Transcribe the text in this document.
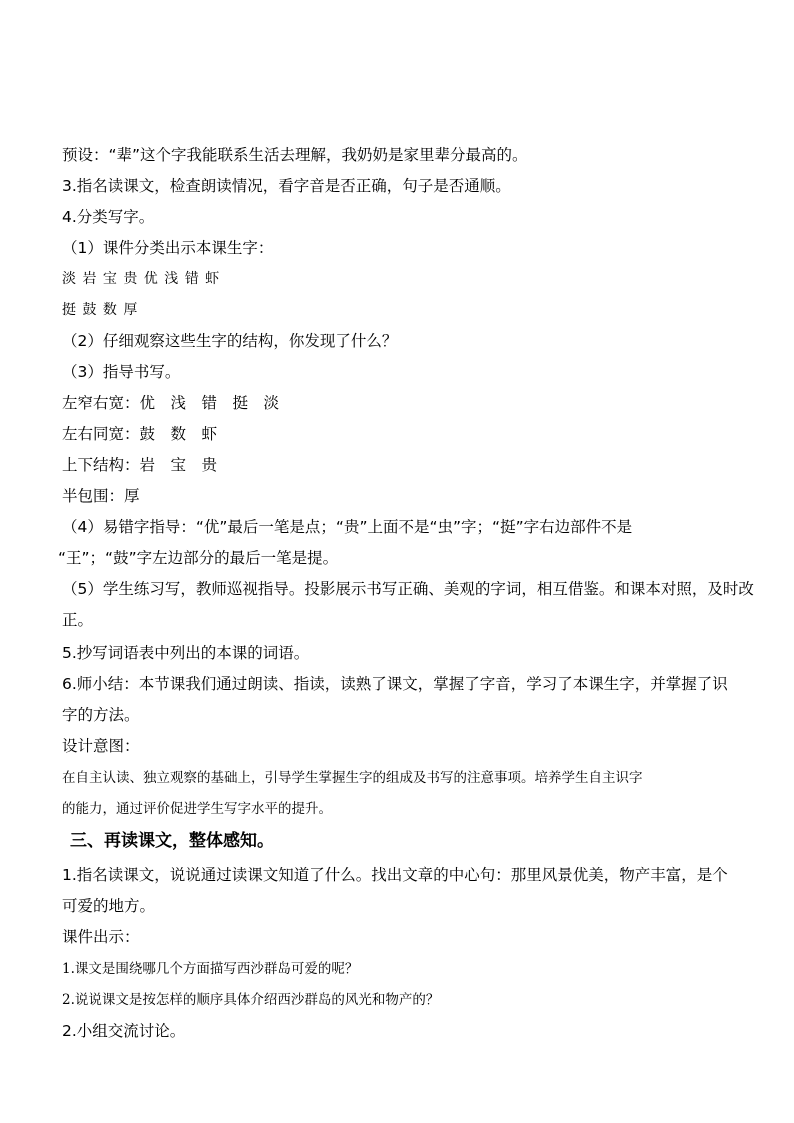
预设：“辈”这个字我能联系生活去理解，我奶奶是家里辈分最高的。

3.指名读课文，检查朗读情况，看字音是否正确，句子是否通顺。

4.分类写字。

（1）课件分类出示本课生字：

淡 岩 宝 贵 优 浅 错 虾

挺 鼓 数 厚

（2）仔细观察这些生字的结构，你发现了什么？

（3）指导书写。

左窄右宽：优　浅　错　挺　淡

左右同宽：鼓　数　虾

上下结构：岩　宝　贵

半包围：厚

（4）易错字指导：“优”最后一笔是点；“贵”上面不是“虫”字；“挺”字右边部件不是

“王”；“鼓”字左边部分的最后一笔是提。

（5）学生练习写，教师巡视指导。投影展示书写正确、美观的字词，相互借鉴。和课本对照，及时改

正。

5.抄写词语表中列出的本课的词语。

6.师小结：本节课我们通过朗读、指读，读熟了课文，掌握了字音，学习了本课生字，并掌握了识

字的方法。

设计意图：

在自主认读、独立观察的基础上，引导学生掌握生字的组成及书写的注意事项。培养学生自主识字

的能力，通过评价促进学生写字水平的提升。

三、再读课文，整体感知。

1.指名读课文，说说通过读课文知道了什么。找出文章的中心句：那里风景优美，物产丰富，是个

可爱的地方。

课件出示：

1.课文是围绕哪几个方面描写西沙群岛可爱的呢？

2.说说课文是按怎样的顺序具体介绍西沙群岛的风光和物产的？

2.小组交流讨论。
